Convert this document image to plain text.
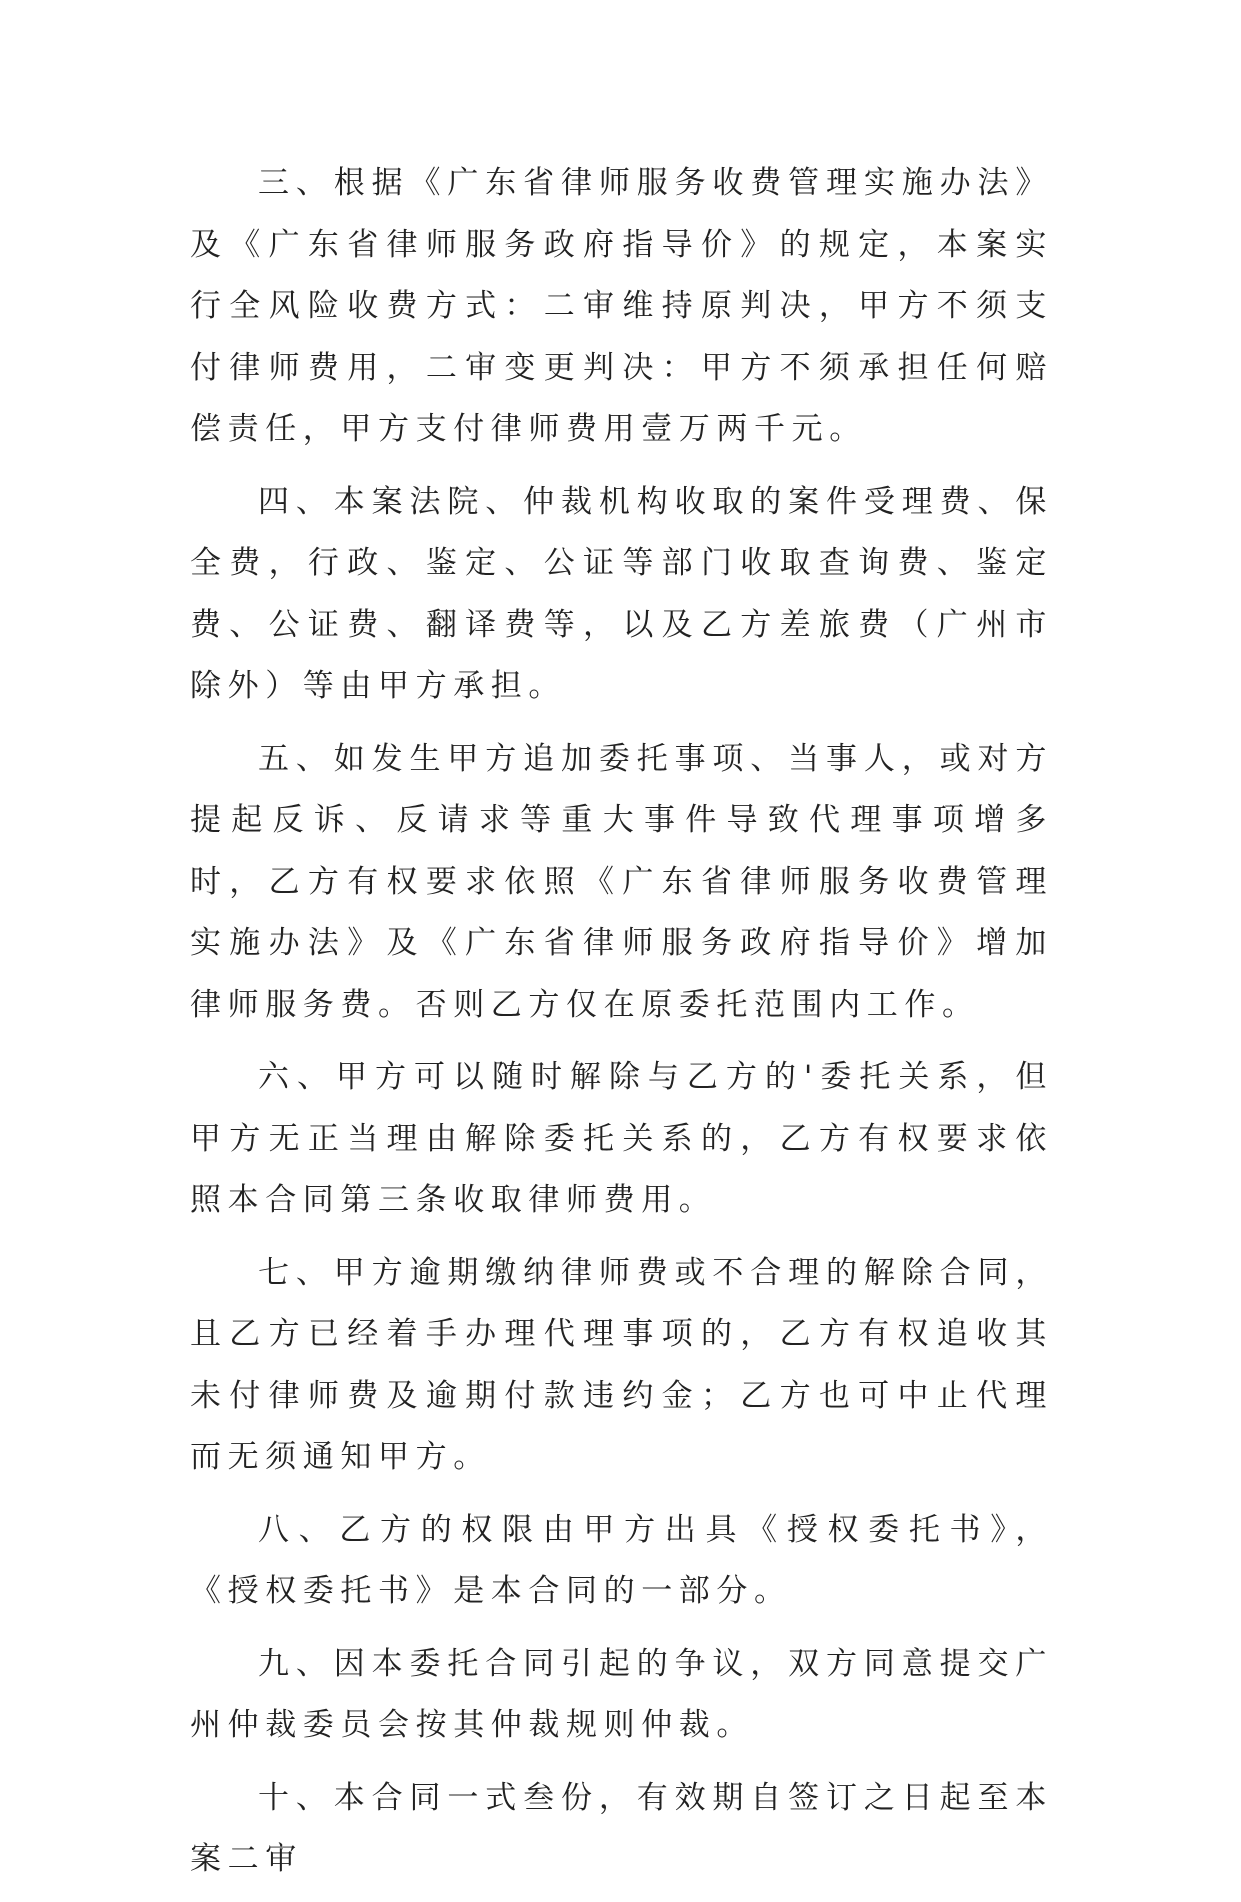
三、根据《广东省律师服务收费管理实施办法》及《广东省律师服务政府指导价》的规定，本案实行全风险收费方式：二审维持原判决，甲方不须支付律师费用，二审变更判决：甲方不须承担任何赔偿责任，甲方支付律师费用壹万两千元。

四、本案法院、仲裁机构收取的案件受理费、保全费，行政、鉴定、公证等部门收取查询费、鉴定费、公证费、翻译费等，以及乙方差旅费（广州市除外）等由甲方承担。

五、如发生甲方追加委托事项、当事人，或对方提起反诉、反请求等重大事件导致代理事项增多时，乙方有权要求依照《广东省律师服务收费管理实施办法》及《广东省律师服务政府指导价》增加律师服务费。否则乙方仅在原委托范围内工作。

六、甲方可以随时解除与乙方的'委托关系，但甲方无正当理由解除委托关系的，乙方有权要求依照本合同第三条收取律师费用。

七、甲方逾期缴纳律师费或不合理的解除合同，且乙方已经着手办理代理事项的，乙方有权追收其未付律师费及逾期付款违约金；乙方也可中止代理而无须通知甲方。

八、乙方的权限由甲方出具《授权委托书》，《授权委托书》是本合同的一部分。

九、因本委托合同引起的争议，双方同意提交广州仲裁委员会按其仲裁规则仲裁。

十、本合同一式叁份，有效期自签订之日起至本案二审
